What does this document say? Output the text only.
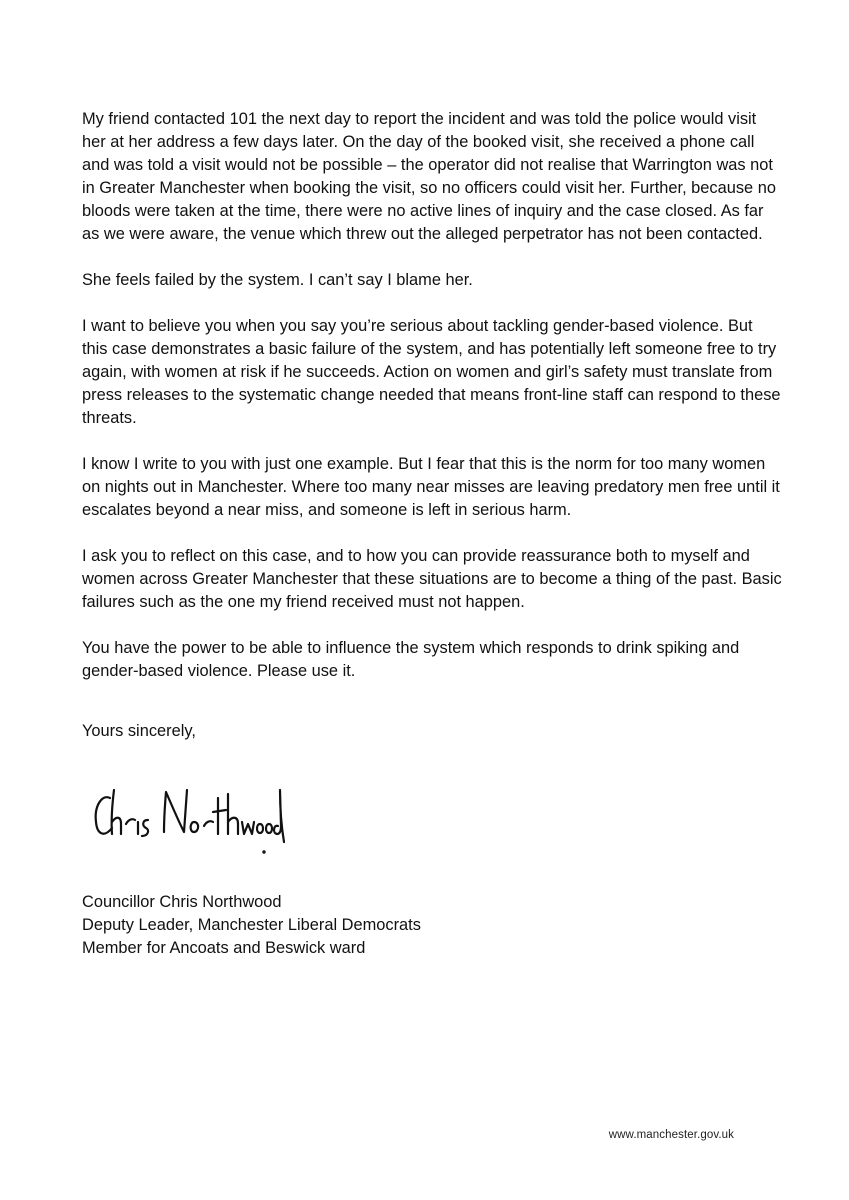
My friend contacted 101 the next day to report the incident and was told the police would visit her at her address a few days later. On the day of the booked visit, she received a phone call and was told a visit would not be possible – the operator did not realise that Warrington was not in Greater Manchester when booking the visit, so no officers could visit her. Further, because no bloods were taken at the time, there were no active lines of inquiry and the case closed. As far as we were aware, the venue which threw out the alleged perpetrator has not been contacted.

She feels failed by the system. I can’t say I blame her.

I want to believe you when you say you’re serious about tackling gender-based violence. But this case demonstrates a basic failure of the system, and has potentially left someone free to try again, with women at risk if he succeeds. Action on women and girl’s safety must translate from press releases to the systematic change needed that means front-line staff can respond to these threats.

I know I write to you with just one example. But I fear that this is the norm for too many women on nights out in Manchester. Where too many near misses are leaving predatory men free until it escalates beyond a near miss, and someone is left in serious harm.

I ask you to reflect on this case, and to how you can provide reassurance both to myself and women across Greater Manchester that these situations are to become a thing of the past. Basic failures such as the one my friend received must not happen.

You have the power to be able to influence the system which responds to drink spiking and gender-based violence. Please use it.

Yours sincerely,
Councillor Chris Northwood
Deputy Leader, Manchester Liberal Democrats
Member for Ancoats and Beswick ward
www.manchester.gov.uk
